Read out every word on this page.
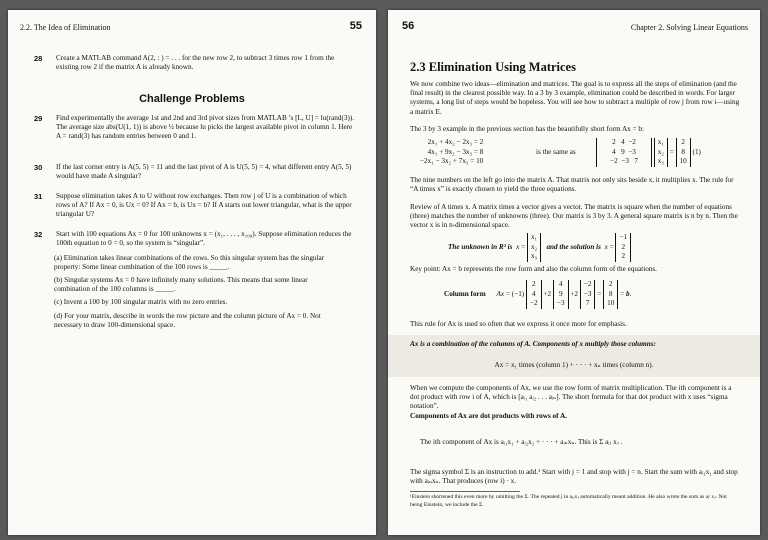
2.2. The Idea of Elimination	55
28 Create a MATLAB command A(2, : ) = . . . for the new row 2, to subtract 3 times row 1 from the existing row 2 if the matrix A is already known.
Challenge Problems
29 Find experimentally the average 1st and 2nd and 3rd pivot sizes from MATLAB ’s [L, U] = lu(rand(3)). The average size abs(U(1, 1)) is above ½ because lu picks the largest available pivot in column 1. Here A = rand(3) has random entries between 0 and 1.
30 If the last corner entry is A(5, 5) = 11 and the last pivot of A is U(5, 5) = 4, what different entry A(5, 5) would have made A singular?
31 Suppose elimination takes A to U without row exchanges. Then row j of U is a combination of which rows of A? If Ax = 0, is Ux = 0? If Ax = b, is Ux = b? If A starts out lower triangular, what is the upper triangular U?
32 Start with 100 equations Ax = 0 for 100 unknowns x = (x₁, . . . , x₁₀₀). Suppose elimination reduces the 100th equation to 0 = 0, so the system is “singular”.
(a) Elimination takes linear combinations of the rows. So this singular system has the singular property: Some linear combination of the 100 rows is _____.
(b) Singular systems Ax = 0 have infinitely many solutions. This means that some linear combination of the 100 columns is _____.
(c) Invent a 100 by 100 singular matrix with no zero entries.
(d) For your matrix, describe in words the row picture and the column picture of Ax = 0. Not necessary to draw 100-dimensional space.
56	Chapter 2. Solving Linear Equations
2.3 Elimination Using Matrices
We now combine two ideas—elimination and matrices. The goal is to express all the steps of elimination (and the final result) in the clearest possible way. In a 3 by 3 example, elimination could be described in words. For larger systems, a long list of steps would be hopeless. You will see how to subtract a multiple of row j from row i—using a matrix E.
The 3 by 3 example in the previous section has the beautifully short form Ax = b:
2x₁ + 4x₂ − 2x₃ = 2
4x₁ + 9x₂ − 3x₃ = 8
−2x₁ − 3x₂ + 7x₃ = 10
is the same as
2 4 −2
4 9 −3
−2 −3 7 x₁
x₂
x₃ = 2
8
10 (1)
The nine numbers on the left go into the matrix A. That matrix not only sits beside x, it multiplies x. The rule for “A times x” is exactly chosen to yield the three equations.
Review of A times x. A matrix times a vector gives a vector. The matrix is square when the number of equations (three) matches the number of unknowns (three). Our matrix is 3 by 3. A general square matrix is n by n. Then the vector x is in n-dimensional space.
The unknown in R³ is x = x₁
x₂
x₃   and the solution is x = −1
2
2
Key point: Ax = b represents the row form and also the column form of the equations.
Column form Ax = (−1) 2
4
−2 +2 4
9
−3 +2 −2
−3
7 = 2
8
10 = b.
This rule for Ax is used so often that we express it once more for emphasis.
Ax is a combination of the columns of A. Components of x multiply those columns:
Ax = x₁ times (column 1) + · · · + xₙ times (column n).
When we compute the components of Ax, we use the row form of matrix multiplication. The ith component is a dot product with row i of A, which is [aᵢ₁ aᵢ₂ . . . aᵢₙ]. The short formula for that dot product with x uses “sigma notation”.
Components of Ax are dot products with rows of A.
The ith component of Ax is aᵢ₁x₁ + aᵢ₂x₂ + · · · + aᵢₙxₙ. This is Σ aᵢⱼ xⱼ .
The sigma symbol Σ is an instruction to add.¹ Start with j = 1 and stop with j = n. Start the sum with aᵢ₁x₁ and stop with aᵢₙxₙ. That produces (row i) · x.
¹Einstein shortened this even more by omitting the Σ. The repeated j in aᵢⱼxⱼ automatically meant addition. He also wrote the sum as aᵢʲ xⱼ. Not being Einstein, we include the Σ.
